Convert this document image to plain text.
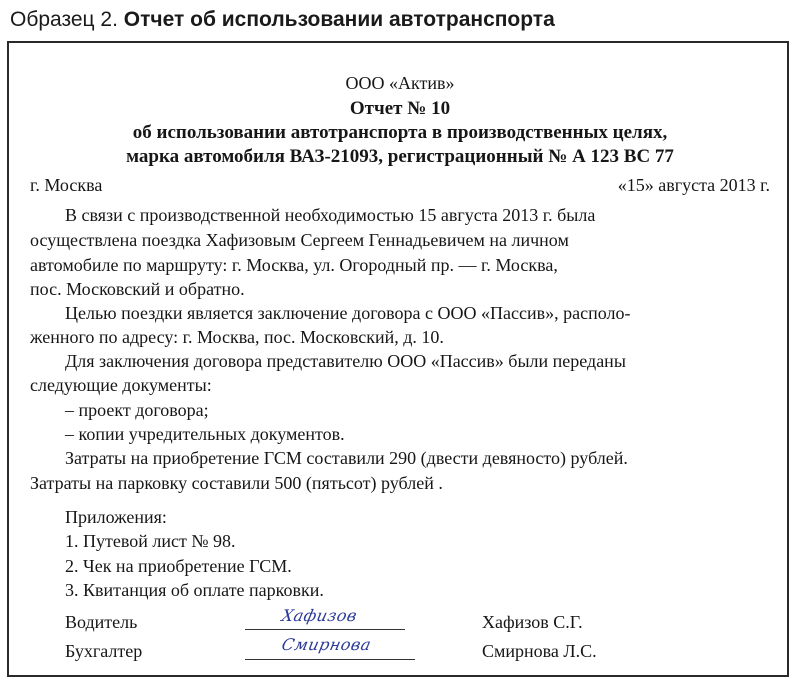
Образец 2. Отчет об использовании автотранспорта
ООО «Актив»
Отчет № 10
об использовании автотранспорта в производственных целях,
марка автомобиля ВАЗ-21093, регистрационный № А 123 ВС 77
г. Москва	«15» августа 2013 г.
В связи с производственной необходимостью 15 августа 2013 г. была
осуществлена поездка Хафизовым Сергеем Геннадьевичем на личном
автомобиле по маршруту: г. Москва, ул. Огородный пр. — г. Москва,
пос. Московский и обратно.
Целью поездки является заключение договора с ООО «Пассив», располо-
женного по адресу: г. Москва, пос. Московский, д. 10.
Для заключения договора представителю ООО «Пассив» были переданы
следующие документы:
– проект договора;
– копии учредительных документов.
Затраты на приобретение ГСМ составили 290 (двести девяносто) рублей.
Затраты на парковку составили 500 (пятьсот) рублей .
Приложения:
1. Путевой лист № 98.
2. Чек на приобретение ГСМ.
3. Квитанция об оплате парковки.
Водитель	Хафизов	Хафизов С.Г.
Бухгалтер	Смирнова	Смирнова Л.С.
